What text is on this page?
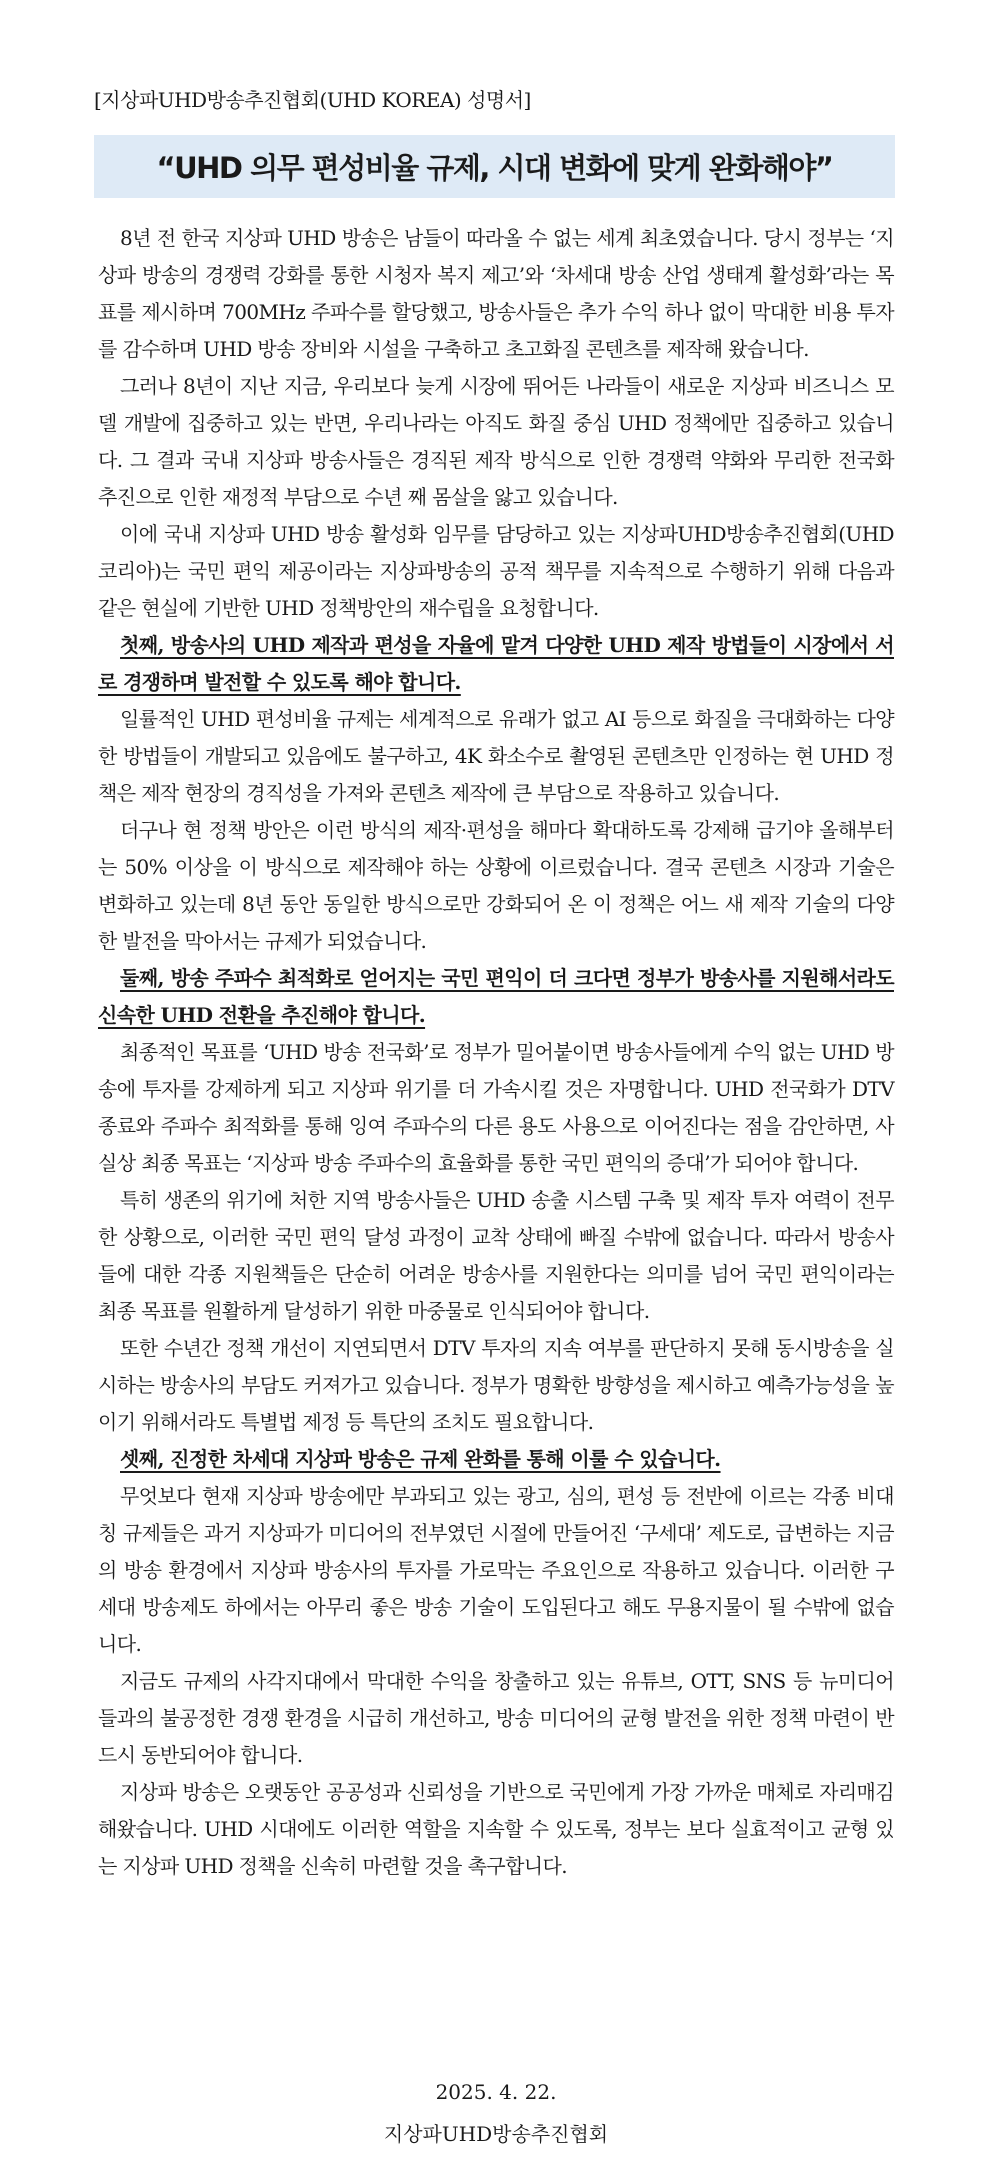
[지상파UHD방송추진협회(UHD KOREA) 성명서]
“UHD 의무 편성비율 규제, 시대 변화에 맞게 완화해야”

8년 전 한국 지상파 UHD 방송은 남들이 따라올 수 없는 세계 최초였습니다. 당시 정부는 ‘지상파 방송의 경쟁력 강화를 통한 시청자 복지 제고’와 ‘차세대 방송 산업 생태계 활성화’라는 목표를 제시하며 700MHz 주파수를 할당했고, 방송사들은 추가 수익 하나 없이 막대한 비용 투자를 감수하며 UHD 방송 장비와 시설을 구축하고 초고화질 콘텐츠를 제작해 왔습니다.

그러나 8년이 지난 지금, 우리보다 늦게 시장에 뛰어든 나라들이 새로운 지상파 비즈니스 모델 개발에 집중하고 있는 반면, 우리나라는 아직도 화질 중심 UHD 정책에만 집중하고 있습니다. 그 결과 국내 지상파 방송사들은 경직된 제작 방식으로 인한 경쟁력 약화와 무리한 전국화 추진으로 인한 재정적 부담으로 수년 째 몸살을 앓고 있습니다.

이에 국내 지상파 UHD 방송 활성화 임무를 담당하고 있는 지상파UHD방송추진협회(UHD코리아)는 국민 편익 제공이라는 지상파방송의 공적 책무를 지속적으로 수행하기 위해 다음과 같은 현실에 기반한 UHD 정책방안의 재수립을 요청합니다.

첫째, 방송사의 UHD 제작과 편성을 자율에 맡겨 다양한 UHD 제작 방법들이 시장에서 서로 경쟁하며 발전할 수 있도록 해야 합니다.

일률적인 UHD 편성비율 규제는 세계적으로 유래가 없고 AI 등으로 화질을 극대화하는 다양한 방법들이 개발되고 있음에도 불구하고, 4K 화소수로 촬영된 콘텐츠만 인정하는 현 UHD 정책은 제작 현장의 경직성을 가져와 콘텐츠 제작에 큰 부담으로 작용하고 있습니다.

더구나 현 정책 방안은 이런 방식의 제작·편성을 해마다 확대하도록 강제해 급기야 올해부터는 50% 이상을 이 방식으로 제작해야 하는 상황에 이르렀습니다. 결국 콘텐츠 시장과 기술은 변화하고 있는데 8년 동안 동일한 방식으로만 강화되어 온 이 정책은 어느 새 제작 기술의 다양한 발전을 막아서는 규제가 되었습니다.

둘째, 방송 주파수 최적화로 얻어지는 국민 편익이 더 크다면 정부가 방송사를 지원해서라도 신속한 UHD 전환을 추진해야 합니다.

최종적인 목표를 ‘UHD 방송 전국화’로 정부가 밀어붙이면 방송사들에게 수익 없는 UHD 방송에 투자를 강제하게 되고 지상파 위기를 더 가속시킬 것은 자명합니다. UHD 전국화가 DTV 종료와 주파수 최적화를 통해 잉여 주파수의 다른 용도 사용으로 이어진다는 점을 감안하면, 사실상 최종 목표는 ‘지상파 방송 주파수의 효율화를 통한 국민 편익의 증대’가 되어야 합니다.

특히 생존의 위기에 처한 지역 방송사들은 UHD 송출 시스템 구축 및 제작 투자 여력이 전무한 상황으로, 이러한 국민 편익 달성 과정이 교착 상태에 빠질 수밖에 없습니다. 따라서 방송사들에 대한 각종 지원책들은 단순히 어려운 방송사를 지원한다는 의미를 넘어 국민 편익이라는 최종 목표를 원활하게 달성하기 위한 마중물로 인식되어야 합니다.

또한 수년간 정책 개선이 지연되면서 DTV 투자의 지속 여부를 판단하지 못해 동시방송을 실시하는 방송사의 부담도 커져가고 있습니다. 정부가 명확한 방향성을 제시하고 예측가능성을 높이기 위해서라도 특별법 제정 등 특단의 조치도 필요합니다.

셋째, 진정한 차세대 지상파 방송은 규제 완화를 통해 이룰 수 있습니다.

무엇보다 현재 지상파 방송에만 부과되고 있는 광고, 심의, 편성 등 전반에 이르는 각종 비대칭 규제들은 과거 지상파가 미디어의 전부였던 시절에 만들어진 ‘구세대’ 제도로, 급변하는 지금의 방송 환경에서 지상파 방송사의 투자를 가로막는 주요인으로 작용하고 있습니다. 이러한 구세대 방송제도 하에서는 아무리 좋은 방송 기술이 도입된다고 해도 무용지물이 될 수밖에 없습니다.

지금도 규제의 사각지대에서 막대한 수익을 창출하고 있는 유튜브, OTT, SNS 등 뉴미디어들과의 불공정한 경쟁 환경을 시급히 개선하고, 방송 미디어의 균형 발전을 위한 정책 마련이 반드시 동반되어야 합니다.

지상파 방송은 오랫동안 공공성과 신뢰성을 기반으로 국민에게 가장 가까운 매체로 자리매김 해왔습니다. UHD 시대에도 이러한 역할을 지속할 수 있도록, 정부는 보다 실효적이고 균형 있는 지상파 UHD 정책을 신속히 마련할 것을 촉구합니다.

2025. 4. 22.
지상파UHD방송추진협회
